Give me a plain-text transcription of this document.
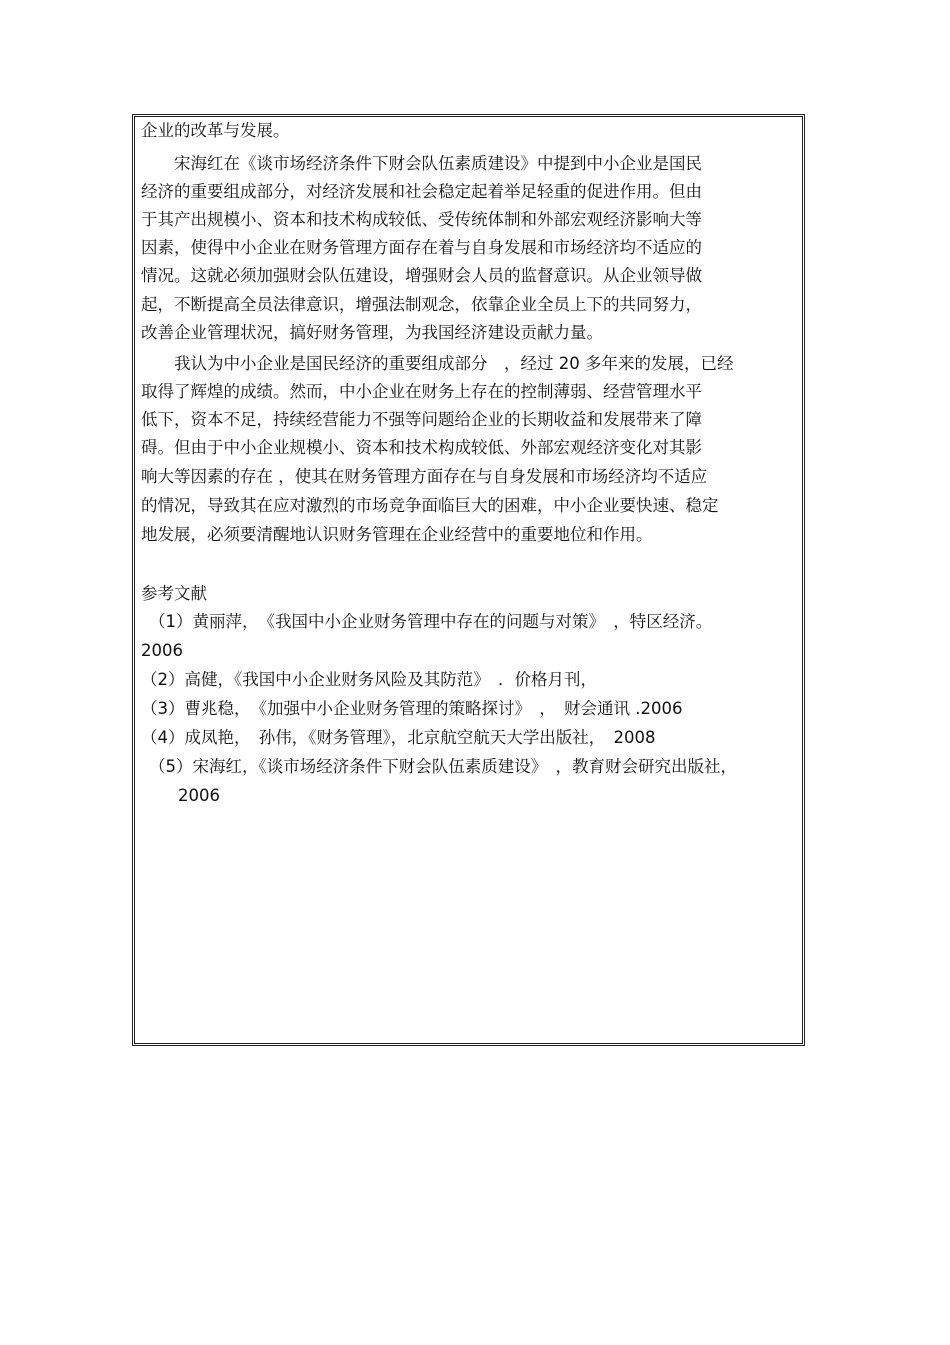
企业的改革与发展。
　　宋海红在《谈市场经济条件下财会队伍素质建设》中提到中小企业是国民
经济的重要组成部分，对经济发展和社会稳定起着举足轻重的促进作用。但由
于其产出规模小、资本和技术构成较低、受传统体制和外部宏观经济影响大等
因素，使得中小企业在财务管理方面存在着与自身发展和市场经济均不适应的
情况。这就必须加强财会队伍建设，增强财会人员的监督意识。从企业领导做
起，不断提高全员法律意识，增强法制观念，依靠企业全员上下的共同努力，
改善企业管理状况，搞好财务管理，为我国经济建设贡献力量。
　　我认为中小企业是国民经济的重要组成部分　，经过 20 多年来的发展，已经
取得了辉煌的成绩。然而，中小企业在财务上存在的控制薄弱、经营管理水平
低下，资本不足，持续经营能力不强等问题给企业的长期收益和发展带来了障
碍。但由于中小企业规模小、资本和技术构成较低、外部宏观经济变化对其影
响大等因素的存在 ，使其在财务管理方面存在与自身发展和市场经济均不适应
的情况，导致其在应对激烈的市场竞争面临巨大的困难，中小企业要快速、稳定
地发展，必须要清醒地认识财务管理在企业经营中的重要地位和作用。
参考文献
（1）黄丽萍，　《我国中小企业财务管理中存在的问题与对策》　，特区经济。
2006
（2）高健，《我国中小企业财务风险及其防范》　．价格月刊，
（3）曹兆稳，　《加强中小企业财务管理的策略探讨》　，　财会通讯 .2006
（4）成凤艳，　孙伟，《财务管理》，北京航空航天大学出版社，　2008
（5）宋海红，《谈市场经济条件下财会队伍素质建设》　，教育财会研究出版社，
2006
